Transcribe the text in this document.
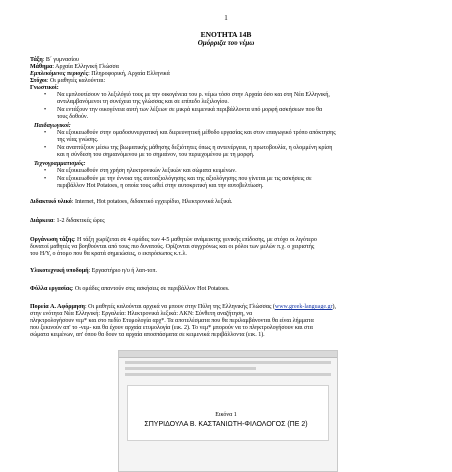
1
ΕΝΟΤΗΤΑ 14Β
Ομόρριζα του νέμω
Τάξη: Β΄ γυμνασίου
Μάθημα: Αρχαία Ελληνική Γλώσσα
Εμπλεκόμενες περιοχές: Πληροφορική, Αρχαία Ελληνικά
Στόχοι: Οι μαθητές καλούνται:
Γνωστικοί:
• Να εμπλουτίσουν το λεξιλόγιό τους με την οικογένεια του ρ. νέμω τόσο στην Αρχαία όσο και στη Νέα Ελληνική,
αντιλαμβανόμενοι τη συνέχεια της γλώσσας και σε επίπεδο λεξιλογίου.
• Να εντάξουν την οικογένεια αυτή των λέξεων σε μικρά κειμενικά περιβάλλοντα υπό μορφή ασκήσεων που θα
τους δοθούν.
Παιδαγωγικοί:
• Να εξοικειωθούν στην ομαδοσυνεργατική και διερευνητική μέθοδο εργασίας και στον επαγωγικό τρόπο απόκτησης
της νέας γνώσης.
• Να αναπτύξουν μέσω της βιωματικής μάθησης δεξιότητες όπως η αντενέργεια, η πρωτοβουλία, η ολομμένη κρίση
και η σύνδεση του σημαινόμενου με το σημαίνον, του περιεχομένου με τη μορφή.
Τεχνογραμματισμός:
• Να εξοικειωθούν στη χρήση ηλεκτρονικών λεξικών και σώματα κειμένων.
• Να εξοικειωθούν με την έννοια της αυτοαξιολόγησης και της αξιολόγησης που γίνεται με τις ασκήσεις σε
περιβάλλον Hot Potatoes, η οποία τους ωθεί στην αυτοκριτική και την αυτοβελτίωση.
Διδακτικό υλικό: Internet, Hot potatoes, διδακτικό εγχειρίδιο, Ηλεκτρονικά λεξικά.
Διάρκεια: 1-2 διδακτικές ώρες
Οργάνωση τάξης: Η τάξη χωρίζεται σε 4 ομάδες των 4-5 μαθητών ανάμεικτης γενικής επίδοσης, με στόχο οι λιγότερο
δυνατοί μαθητές να βοηθούνται από τους πιο δυνατούς. Ορίζονται συγχρόνως και οι ρόλοι των μελών π.χ. ο χειριστής
του Η/Υ, ο άτομο που θα κρατά σημειώσεις, ο εκπρόσωπος κ.τ.λ.
Υλικοτεχνική υποδομή: Εργαστήριο η/υ ή λαπ-τοπ.
Φύλλα εργασίας: Οι ομάδες απαντούν στις ασκήσεις σε περιβάλλον Hot Potatoes.
Πορεία Α. Αφόρμηση: Οι μαθητές καλούνται αρχικά να μπουν στην Πύλη της Ελληνικής Γλώσσας (www.greek-language.gr),
στην ενότητα Νέα Ελληνική: Εργαλεία: Ηλεκτρονικά λεξικά: ΛΚΝ: Σύνθετη αναζήτηση, να
πληκτρολογήσουν νεμ* και στο πεδίο Ετυμολογία αρχ*. Τα αποτελέσματα που θα περιλαμβάνονται θα είναι λήμματα
που ξεκινούν απ' το -νεμ- και θα έχουν αρχαία ετυμολογία (εικ. 2). Το νεμ* μπορούν να το πληκτρολογήσουν και στα
σώματα κειμένων, απ' όπου θα δουν τα αρχαία αποσπάσματα σε κειμενικά περιβάλλοντα (εικ. 1).
Εικόνα 1
ΣΠΥΡΙΔΟΥΛΑ Β. ΚΑΣΤΑΝΙΩΤΗ-ΦΙΛΟΛΟΓΟΣ (ΠΕ 2)
